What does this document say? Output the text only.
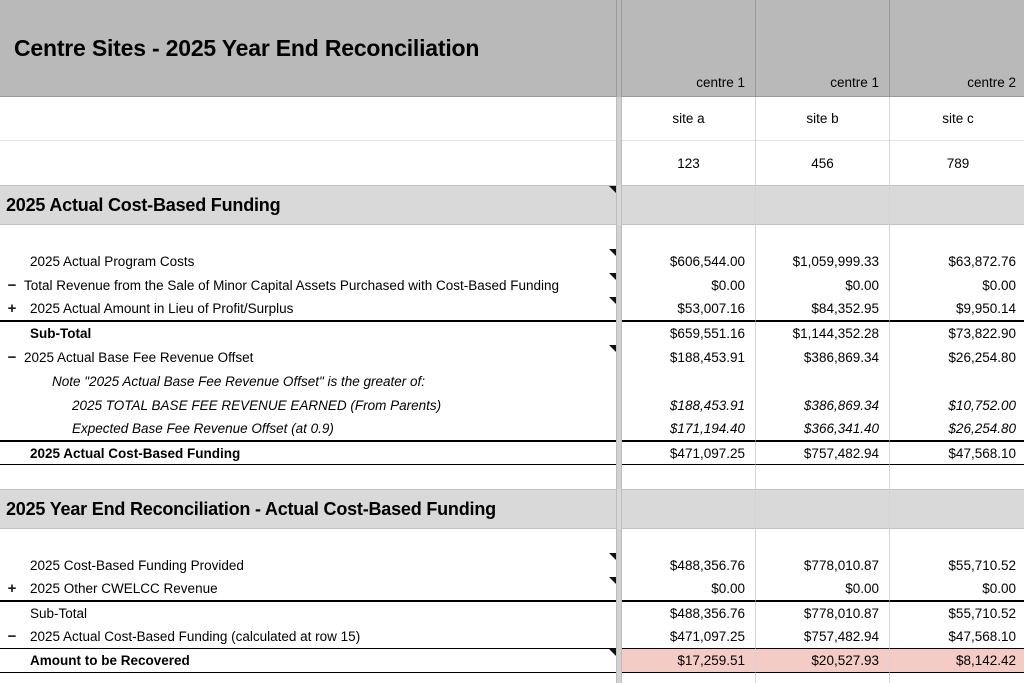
Centre Sites - 2025 Year End Reconciliation
centre 1	centre 1	centre 2
site a	site b	site c
123	456	789
2025 Actual Cost-Based Funding
2025 Actual Program Costs	$606,544.00	$1,059,999.33	$63,872.76
− Total Revenue from the Sale of Minor Capital Assets Purchased with Cost-Based Funding	$0.00	$0.00	$0.00
+	2025 Actual Amount in Lieu of Profit/Surplus	$53,007.16	$84,352.95	$9,950.14
Sub-Total	$659,551.16	$1,144,352.28	$73,822.90
− 2025 Actual Base Fee Revenue Offset	$188,453.91	$386,869.34	$26,254.80
Note "2025 Actual Base Fee Revenue Offset" is the greater of:
2025 TOTAL BASE FEE REVENUE EARNED (From Parents)	$188,453.91	$386,869.34	$10,752.00
Expected Base Fee Revenue Offset (at 0.9)	$171,194.40	$366,341.40	$26,254.80
2025 Actual Cost-Based Funding	$471,097.25	$757,482.94	$47,568.10
2025 Year End Reconciliation - Actual Cost-Based Funding
2025 Cost-Based Funding Provided	$488,356.76	$778,010.87	$55,710.52
+	2025 Other CWELCC Revenue	$0.00	$0.00	$0.00
Sub-Total	$488,356.76	$778,010.87	$55,710.52
−	2025 Actual Cost-Based Funding (calculated at row 15)	$471,097.25	$757,482.94	$47,568.10
Amount to be Recovered	$17,259.51	$20,527.93	$8,142.42
